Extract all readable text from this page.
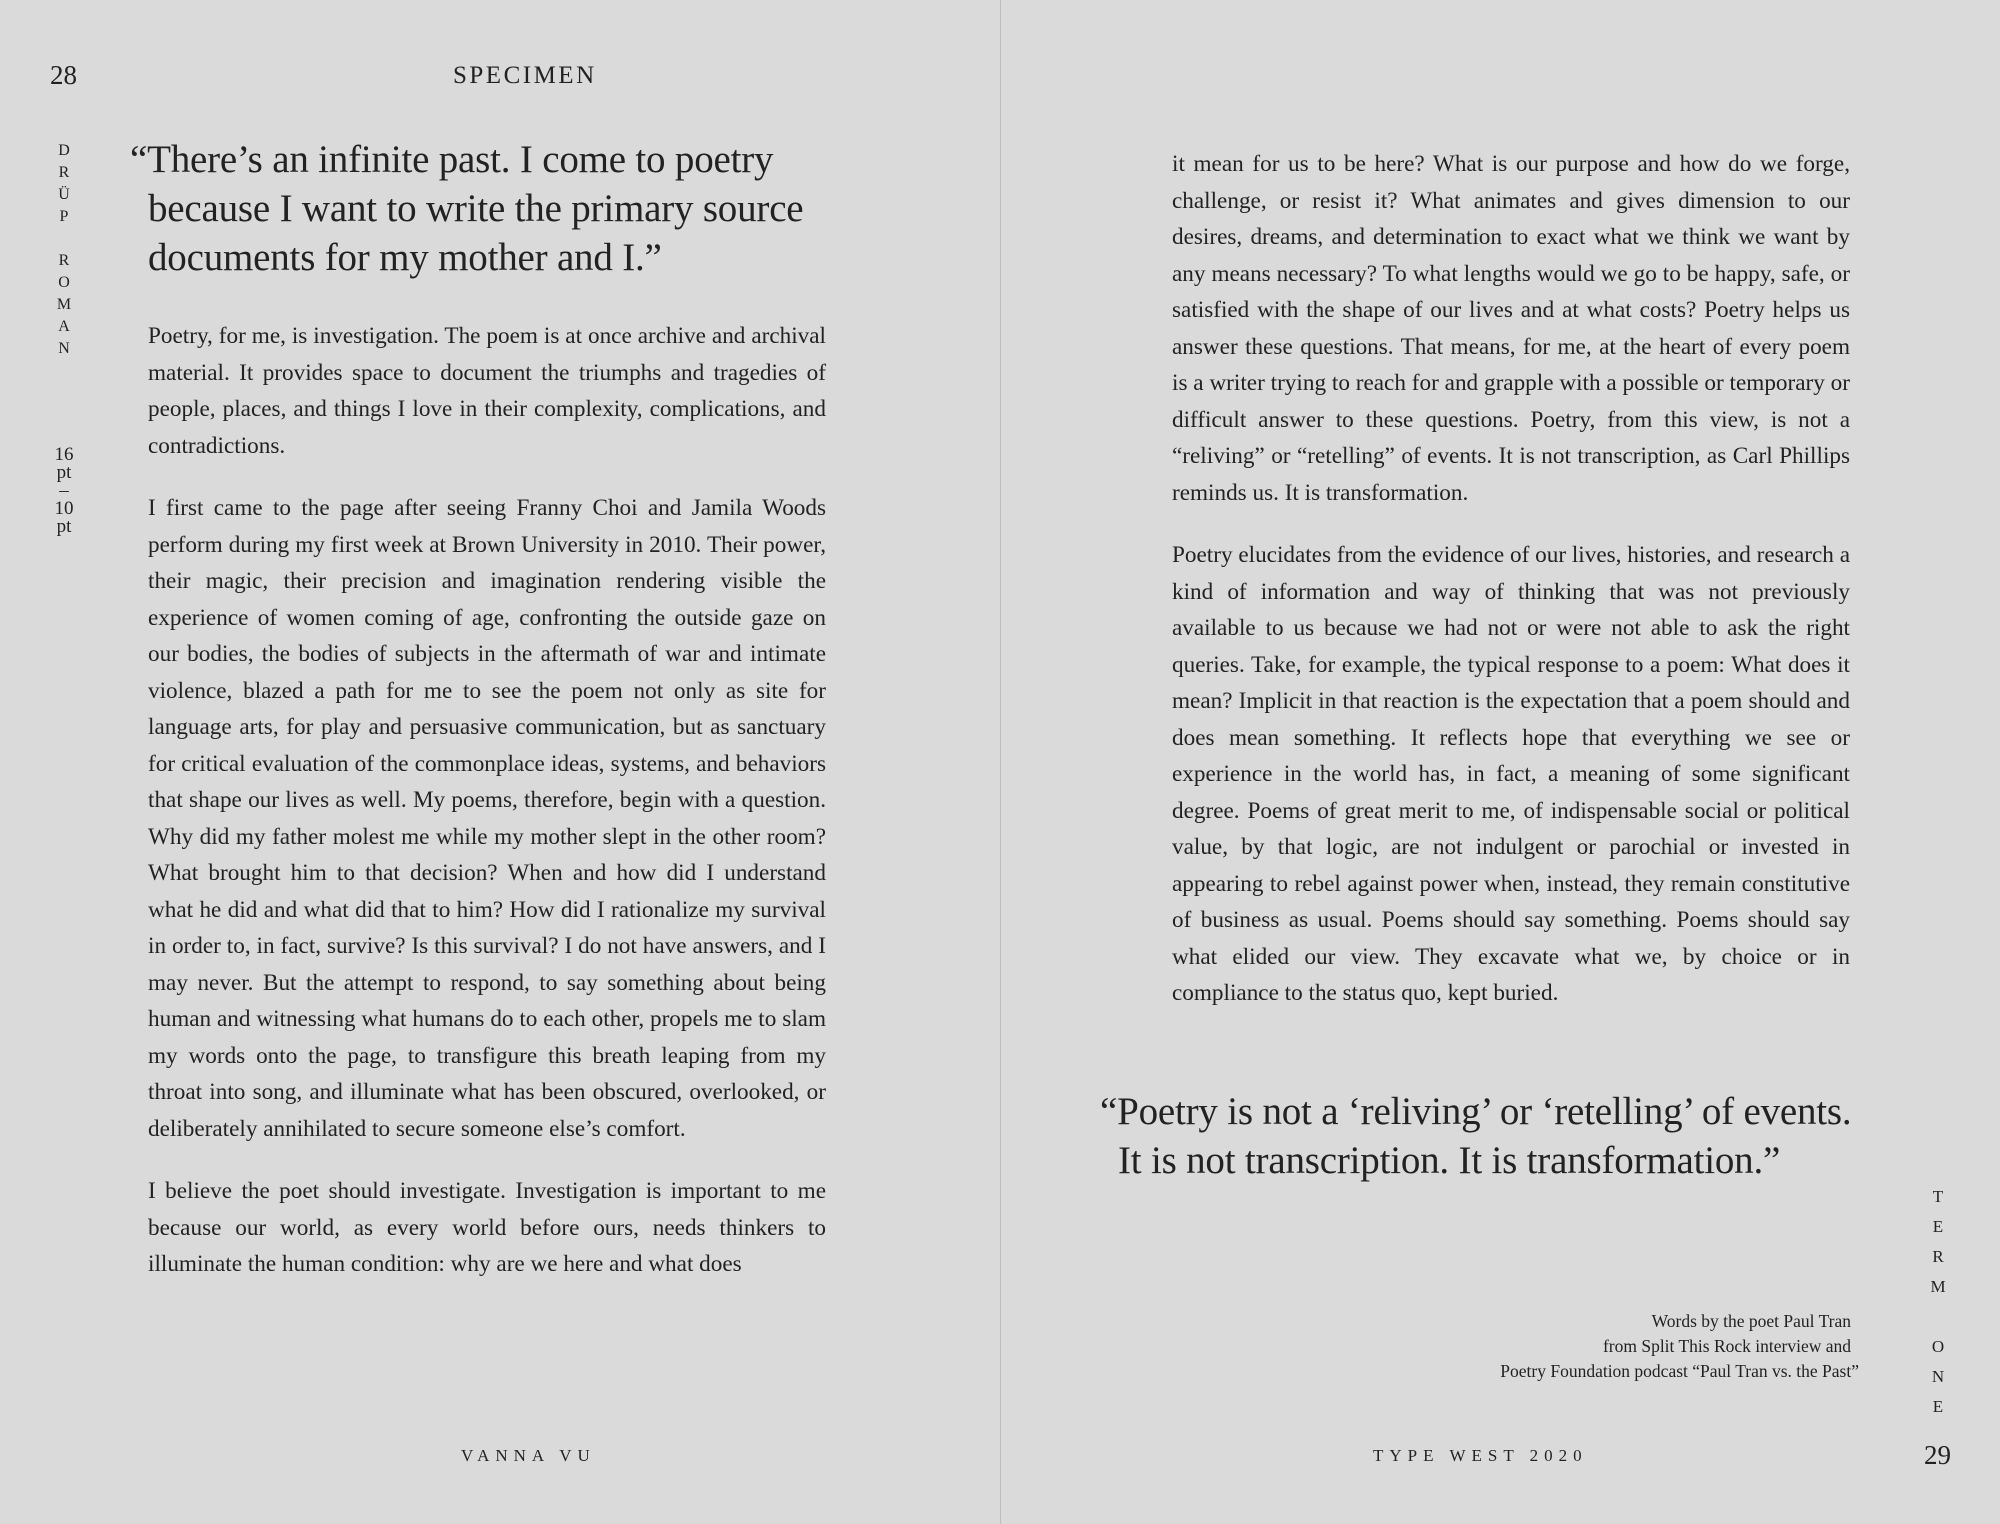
28	SPECIMEN
D
R
Ü
P
R
O
M
A
N
16
pt
–
10
pt

“There’s an infinite past. I come to poetry because I want to write the primary source documents for my mother and I.”

Poetry, for me, is investigation. The poem is at once archive and archival material. It provides space to document the triumphs and tragedies of people, places, and things I love in their complexity, complications, and contradictions.

I first came to the page after seeing Franny Choi and Jamila Woods perform during my first week at Brown University in 2010. Their power, their magic, their precision and imagination rendering visible the experience of women coming of age, confronting the outside gaze on our bodies, the bodies of subjects in the aftermath of war and intimate violence, blazed a path for me to see the poem not only as site for language arts, for play and persuasive communication, but as sanctuary for critical evaluation of the commonplace ideas, systems, and behaviors that shape our lives as well. My poems, therefore, begin with a question. Why did my father molest me while my mother slept in the other room? What brought him to that decision? When and how did I understand what he did and what did that to him? How did I rationalize my survival in order to, in fact, survive? Is this survival? I do not have answers, and I may never. But the attempt to respond, to say something about being human and witnessing what humans do to each other, propels me to slam my words onto the page, to transfigure this breath leaping from my throat into song, and illuminate what has been obscured, overlooked, or deliberately annihilated to secure someone else’s comfort.

I believe the poet should investigate. Investigation is important to me because our world, as every world before ours, needs thinkers to illuminate the human condition: why are we here and what does

VANNA VU

it mean for us to be here? What is our purpose and how do we forge, challenge, or resist it? What animates and gives dimension to our desires, dreams, and determination to exact what we think we want by any means necessary? To what lengths would we go to be happy, safe, or satisfied with the shape of our lives and at what costs? Poetry helps us answer these questions. That means, for me, at the heart of every poem is a writer trying to reach for and grapple with a possible or temporary or difficult answer to these questions. Poetry, from this view, is not a “reliving” or “retelling” of events. It is not transcription, as Carl Phillips reminds us. It is transformation.

Poetry elucidates from the evidence of our lives, histories, and research a kind of information and way of thinking that was not previously available to us because we had not or were not able to ask the right queries. Take, for example, the typical response to a poem: What does it mean? Implicit in that reaction is the expectation that a poem should and does mean something. It reflects hope that everything we see or experience in the world has, in fact, a meaning of some significant degree. Poems of great merit to me, of indispensable social or political value, by that logic, are not indulgent or parochial or invested in appearing to rebel against power when, instead, they remain constitutive of business as usual. Poems should say something. Poems should say what elided our view. They excavate what we, by choice or in compliance to the status quo, kept buried.

“Poetry is not a ‘reliving’ or ‘retelling’ of events. It is not transcription. It is transformation.”

Words by the poet Paul Tran
from Split This Rock interview and
Poetry Foundation podcast “Paul Tran vs. the Past”
T
E
R
M
O
N
E
TYPE WEST 2020	29
